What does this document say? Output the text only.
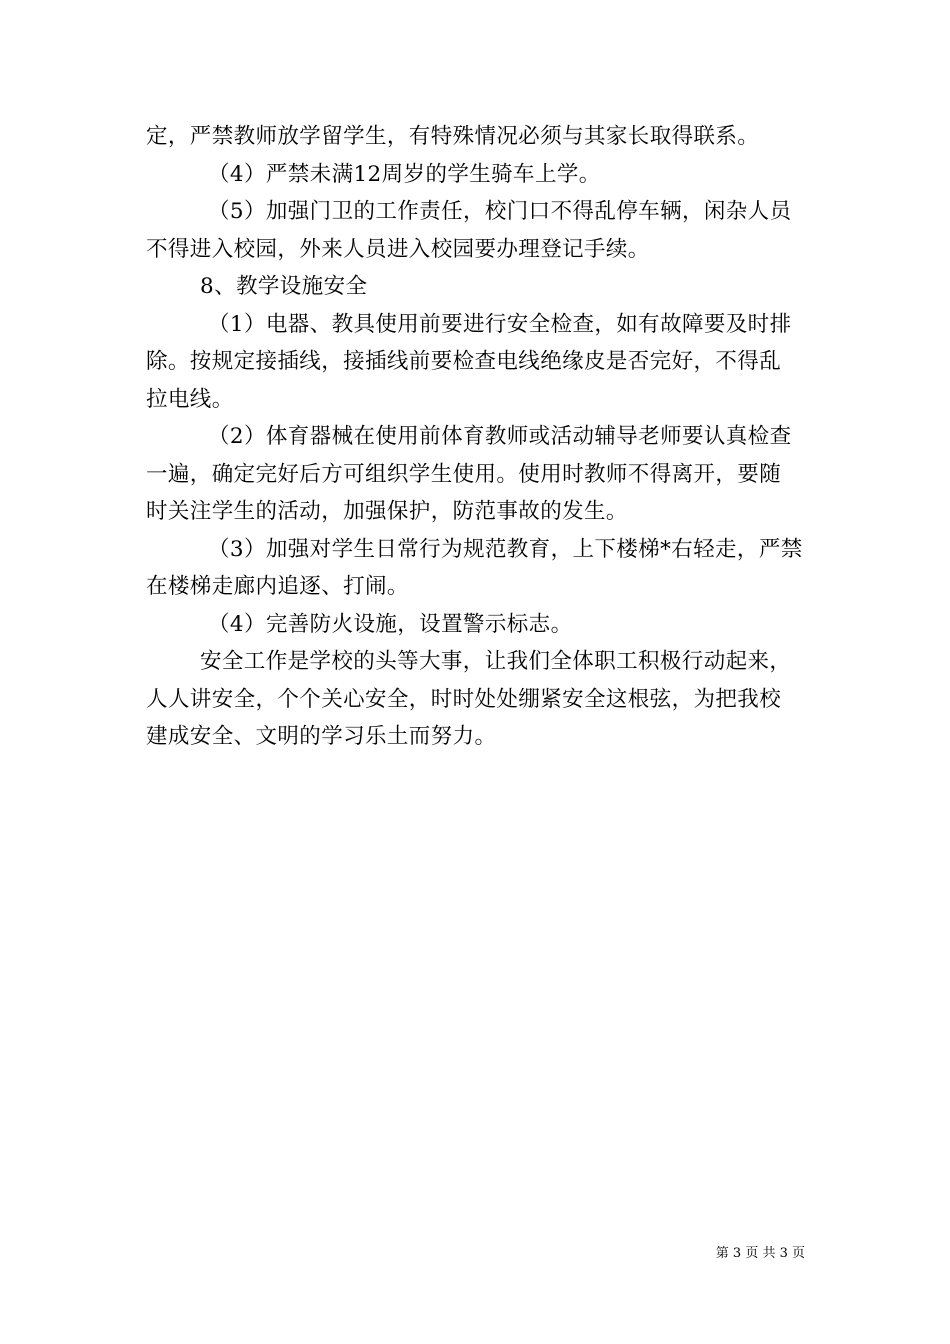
定，严禁教师放学留学生，有特殊情况必须与其家长取得联系。
（4）严禁未满12周岁的学生骑车上学。
（5）加强门卫的工作责任，校门口不得乱停车辆，闲杂人员
不得进入校园，外来人员进入校园要办理登记手续。
8、教学设施安全
（1）电器、教具使用前要进行安全检查，如有故障要及时排
除。按规定接插线，接插线前要检查电线绝缘皮是否完好，不得乱
拉电线。
（2）体育器械在使用前体育教师或活动辅导老师要认真检查
一遍，确定完好后方可组织学生使用。使用时教师不得离开，要随
时关注学生的活动，加强保护，防范事故的发生。
（3）加强对学生日常行为规范教育，上下楼梯*右轻走，严禁
在楼梯走廊内追逐、打闹。
（4）完善防火设施，设置警示标志。
安全工作是学校的头等大事，让我们全体职工积极行动起来，
人人讲安全，个个关心安全，时时处处绷紧安全这根弦，为把我校
建成安全、文明的学习乐土而努力。
第 3 页 共 3 页
